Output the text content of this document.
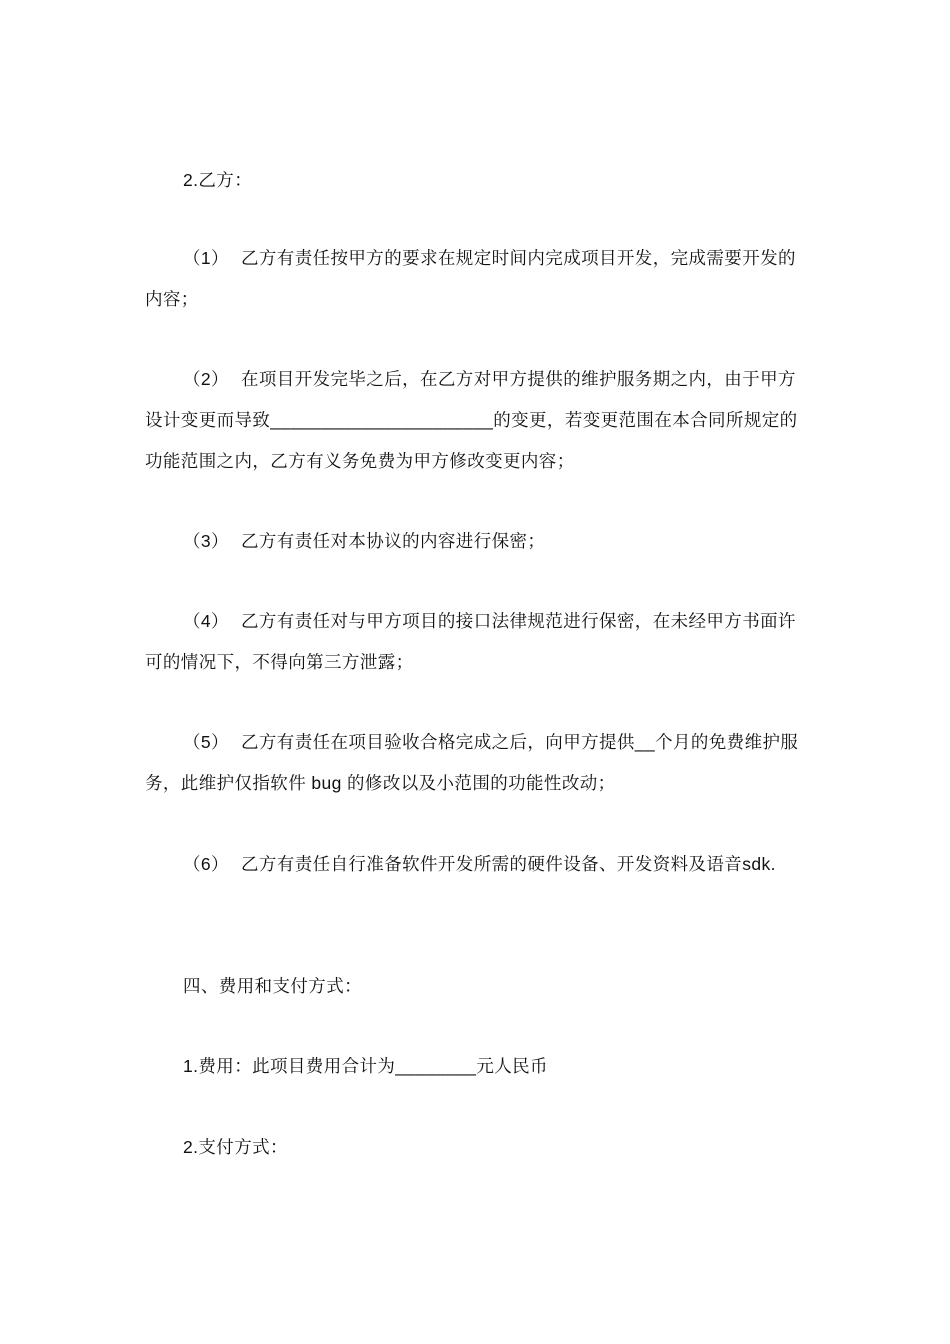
2.乙方：
（1） 乙方有责任按甲方的要求在规定时间内完成项目开发，完成需要开发的内容；
（2） 在项目开发完毕之后，在乙方对甲方提供的维护服务期之内，由于甲方设计变更而导致______________________的变更，若变更范围在本合同所规定的功能范围之内，乙方有义务免费为甲方修改变更内容；
（3） 乙方有责任对本协议的内容进行保密；
（4） 乙方有责任对与甲方项目的接口法律规范进行保密，在未经甲方书面许可的情况下，不得向第三方泄露；
（5） 乙方有责任在项目验收合格完成之后，向甲方提供__个月的免费维护服务，此维护仅指软件 bug 的修改以及小范围的功能性改动；
（6） 乙方有责任自行准备软件开发所需的硬件设备、开发资料及语音sdk.
四、费用和支付方式：
1.费用：此项目费用合计为________元人民币
2.支付方式：
